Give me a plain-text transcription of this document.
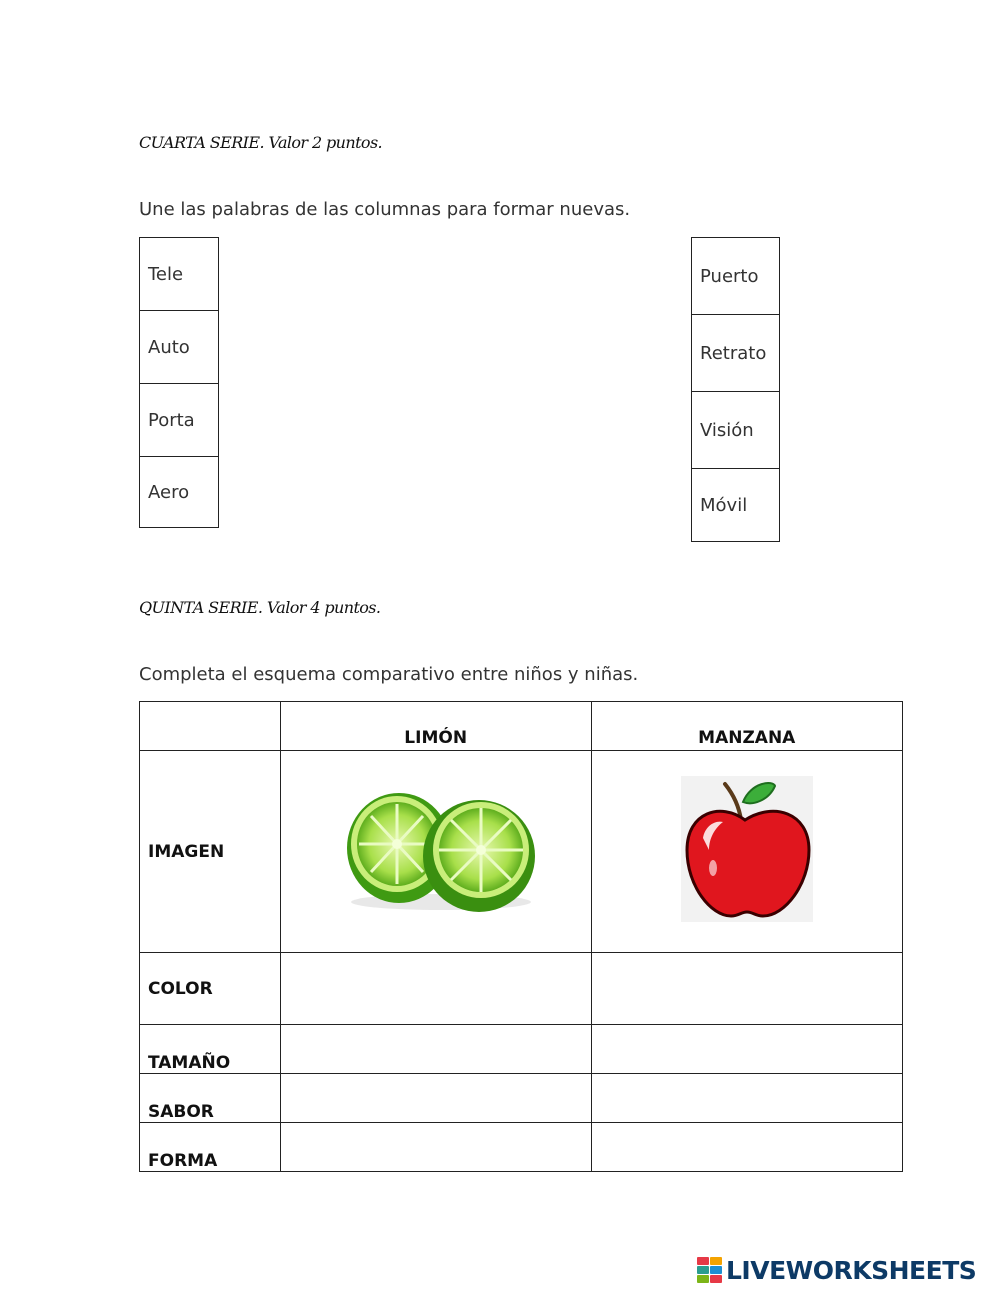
CUARTA SERIE. Valor 2 puntos.
Une las palabras de las columnas para formar nuevas.
Tele
Auto
Porta
Aero
Puerto
Retrato
Visión
Móvil
QUINTA SERIE. Valor 4 puntos.
Completa el esquema comparativo entre niños y niñas.
	LIMÓN	MANZANA
IMAGEN		
COLOR		
TAMAÑO		
SABOR		
FORMA		
LIVEWORKSHEETS
